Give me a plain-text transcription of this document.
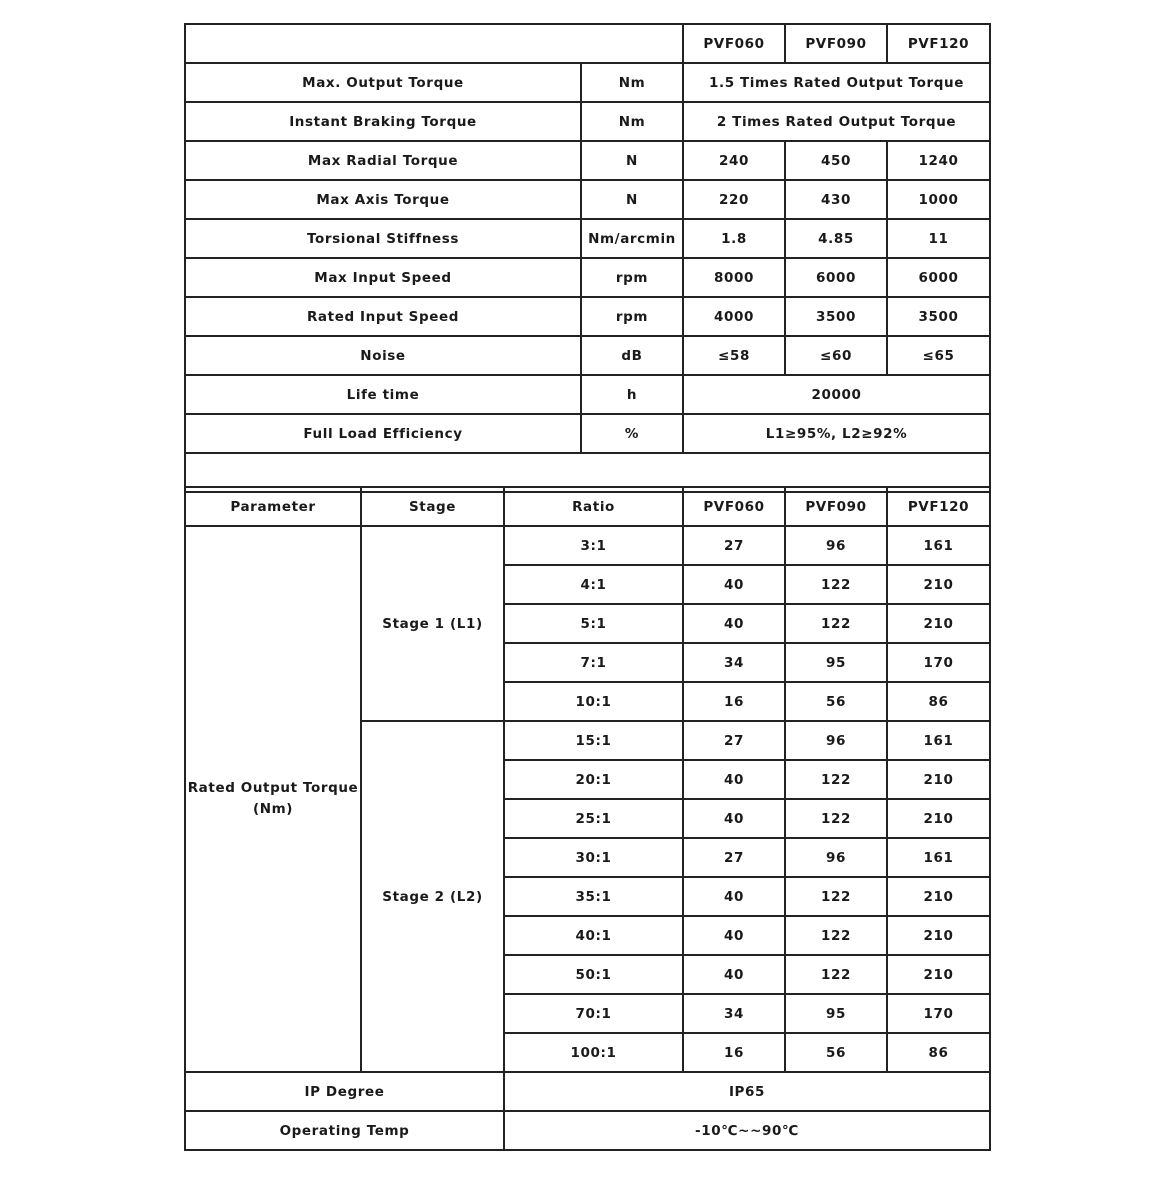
		PVF060	PVF090	PVF120
Max. Output Torque	Nm	1.5 Times Rated Output Torque		
Instant Braking Torque	Nm	2 Times Rated Output Torque		
Max Radial Torque	N	240	450	1240
Max Axis Torque	N	220	430	1000
Torsional Stiffness	Nm/arcmin	1.8	4.85	11
Max Input Speed	rpm	8000	6000	6000
Rated Input Speed	rpm	4000	3500	3500
Noise	dB	≤58	≤60	≤65
Life time	h	20000		
Full Load Efficiency	%	L1≥95%, L2≥92%		

Parameter	Stage	Ratio	PVF060	PVF090	PVF120
Rated Output Torque (Nm)	Stage 1 (L1)	3:1	27	96	161
		4:1	40	122	210
		5:1	40	122	210
		7:1	34	95	170
		10:1	16	56	86
	Stage 2 (L2)	15:1	27	96	161
		20:1	40	122	210
		25:1	40	122	210
		30:1	27	96	161
		35:1	40	122	210
		40:1	40	122	210
		50:1	40	122	210
		70:1	34	95	170
		100:1	16	56	86
IP Degree		IP65			
Operating Temp		-10℃~~90℃			
